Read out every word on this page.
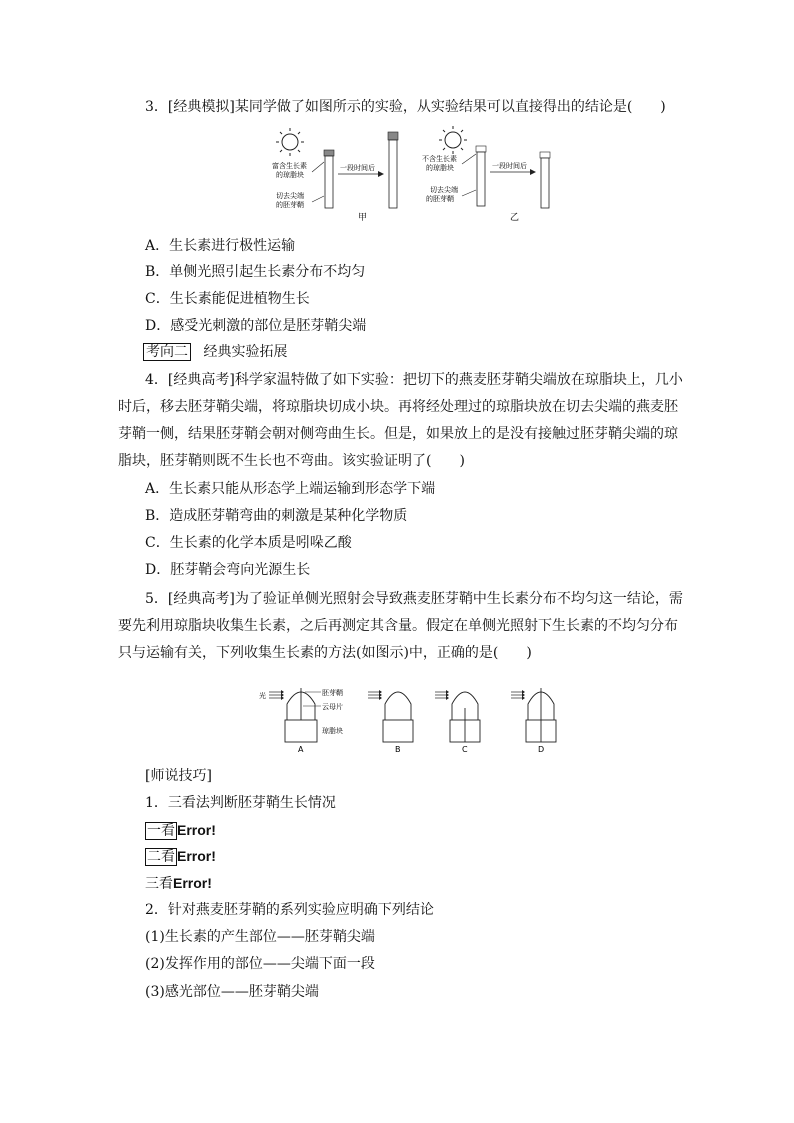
3．[经典模拟]某同学做了如图所示的实验，从实验结果可以直接得出的结论是(　　)
富含生长素
的琼脂块
切去尖端
的胚芽鞘
一段时间后
甲
不含生长素
的琼脂块
切去尖端
的胚芽鞘
一段时间后
乙
A．生长素进行极性运输
B．单侧光照引起生长素分布不均匀
C．生长素能促进植物生长
D．感受光刺激的部位是胚芽鞘尖端
考向二 经典实验拓展
4．[经典高考]科学家温特做了如下实验：把切下的燕麦胚芽鞘尖端放在琼脂块上，几小
时后，移去胚芽鞘尖端，将琼脂块切成小块。再将经处理过的琼脂块放在切去尖端的燕麦胚
芽鞘一侧，结果胚芽鞘会朝对侧弯曲生长。但是，如果放上的是没有接触过胚芽鞘尖端的琼
脂块，胚芽鞘则既不生长也不弯曲。该实验证明了(　　)
A．生长素只能从形态学上端运输到形态学下端
B．造成胚芽鞘弯曲的刺激是某种化学物质
C．生长素的化学本质是吲哚乙酸
D．胚芽鞘会弯向光源生长
5．[经典高考]为了验证单侧光照射会导致燕麦胚芽鞘中生长素分布不均匀这一结论，需
要先利用琼脂块收集生长素，之后再测定其含量。假定在单侧光照射下生长素的不均匀分布
只与运输有关，下列收集生长素的方法(如图示)中，正确的是(　　)
光	胚芽鞘
云母片
琼脂块
A	B	C	D
[师说技巧]
1．三看法判断胚芽鞘生长情况
一看 Error!
二看 Error!
三看Error!
2．针对燕麦胚芽鞘的系列实验应明确下列结论
(1)生长素的产生部位——胚芽鞘尖端
(2)发挥作用的部位——尖端下面一段
(3)感光部位——胚芽鞘尖端
